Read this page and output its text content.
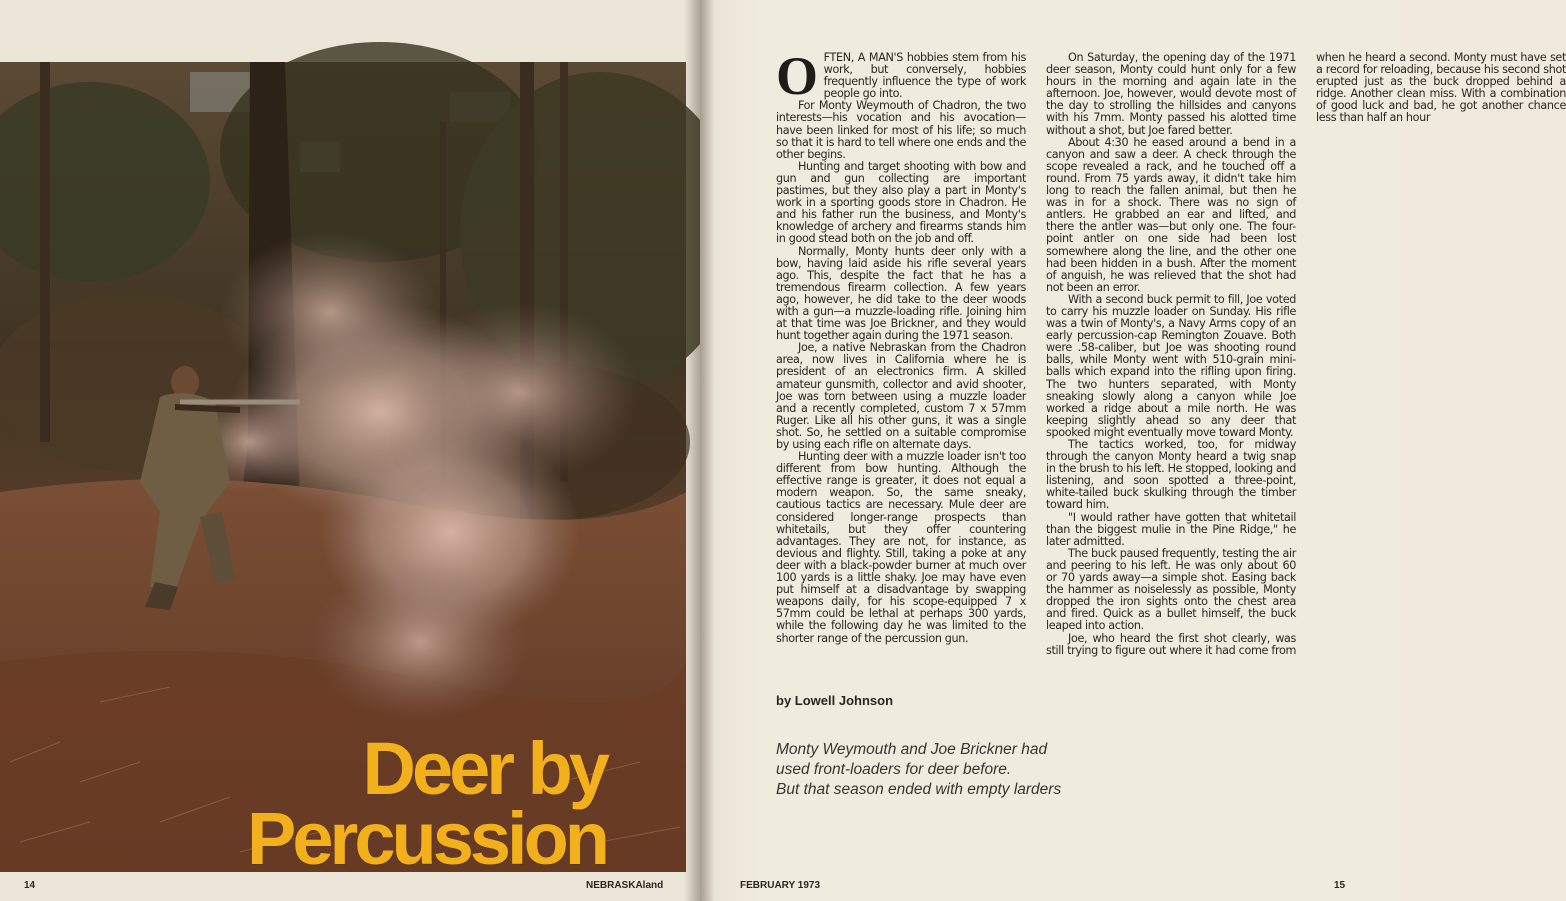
Deer by
Percussion
14	NEBRASKAland

OFTEN, A MAN'S hobbies stem from his work, but conversely, hobbies frequently influence the type of work people go into.

For Monty Weymouth of Chadron, the two interests—his vocation and his avocation—have been linked for most of his life; so much so that it is hard to tell where one ends and the other begins.

Hunting and target shooting with bow and gun and gun collecting are important pastimes, but they also play a part in Monty's work in a sporting goods store in Chadron. He and his father run the business, and Monty's knowledge of archery and firearms stands him in good stead both on the job and off.

Normally, Monty hunts deer only with a bow, having laid aside his rifle several years ago. This, despite the fact that he has a tremendous firearm collection. A few years ago, however, he did take to the deer woods with a gun—a muzzle-loading rifle. Joining him at that time was Joe Brickner, and they would hunt together again during the 1971 season.

Joe, a native Nebraskan from the Chadron area, now lives in California where he is president of an electronics firm. A skilled amateur gunsmith, collector and avid shooter, Joe was torn between using a muzzle loader and a recently completed, custom 7 x 57mm Ruger. Like all his other guns, it was a single shot. So, he settled on a suitable compromise by using each rifle on alternate days.

Hunting deer with a muzzle loader isn't too different from bow hunting. Although the effective range is greater, it does not equal a modern weapon. So, the same sneaky, cautious tactics are necessary. Mule deer are considered longer-range prospects than whitetails, but they offer countering advantages. They are not, for instance, as devious and flighty. Still, taking a poke at any deer with a black-powder burner at much over 100 yards is a little shaky. Joe may have even put himself at a disadvantage by swapping weapons daily, for his scope-equipped 7 x 57mm could be lethal at perhaps 300 yards, while the following day he was limited to the shorter range of the percussion gun.

On Saturday, the opening day of the 1971 deer season, Monty could hunt only for a few hours in the morning and again late in the afternoon. Joe, however, would devote most of the day to strolling the hillsides and canyons with his 7mm. Monty passed his alotted time without a shot, but Joe fared better.

About 4:30 he eased around a bend in a canyon and saw a deer. A check through the scope revealed a rack, and he touched off a round. From 75 yards away, it didn't take him long to reach the fallen animal, but then he was in for a shock. There was no sign of antlers. He grabbed an ear and lifted, and there the antler was—but only one. The four-point antler on one side had been lost somewhere along the line, and the other one had been hidden in a bush. After the moment of anguish, he was relieved that the shot had not been an error.

With a second buck permit to fill, Joe voted to carry his muzzle loader on Sunday. His rifle was a twin of Monty's, a Navy Arms copy of an early percussion-cap Remington Zouave. Both were .58-caliber, but Joe was shooting round balls, while Monty went with 510-grain mini-balls which expand into the rifling upon firing. The two hunters separated, with Monty sneaking slowly along a canyon while Joe worked a ridge about a mile north. He was keeping slightly ahead so any deer that spooked might eventually move toward Monty.

The tactics worked, too, for midway through the canyon Monty heard a twig snap in the brush to his left. He stopped, looking and listening, and soon spotted a three-point, white-tailed buck skulking through the timber toward him.

"I would rather have gotten that whitetail than the biggest mulie in the Pine Ridge," he later admitted.

The buck paused frequently, testing the air and peering to his left. He was only about 60 or 70 yards away—a simple shot. Easing back the hammer as noiselessly as possible, Monty dropped the iron sights onto the chest area and fired. Quick as a bullet himself, the buck leaped into action.

Joe, who heard the first shot clearly, was still trying to figure out where it had come from when he heard a second. Monty must have set a record for reloading, because his second shot erupted just as the buck dropped behind a ridge. Another clean miss. With a combination of good luck and bad, he got another chance less than half an hour

by Lowell Johnson
Monty Weymouth and Joe Brickner had
used front-loaders for deer before.
But that season ended with empty larders
FEBRUARY 1973	15
